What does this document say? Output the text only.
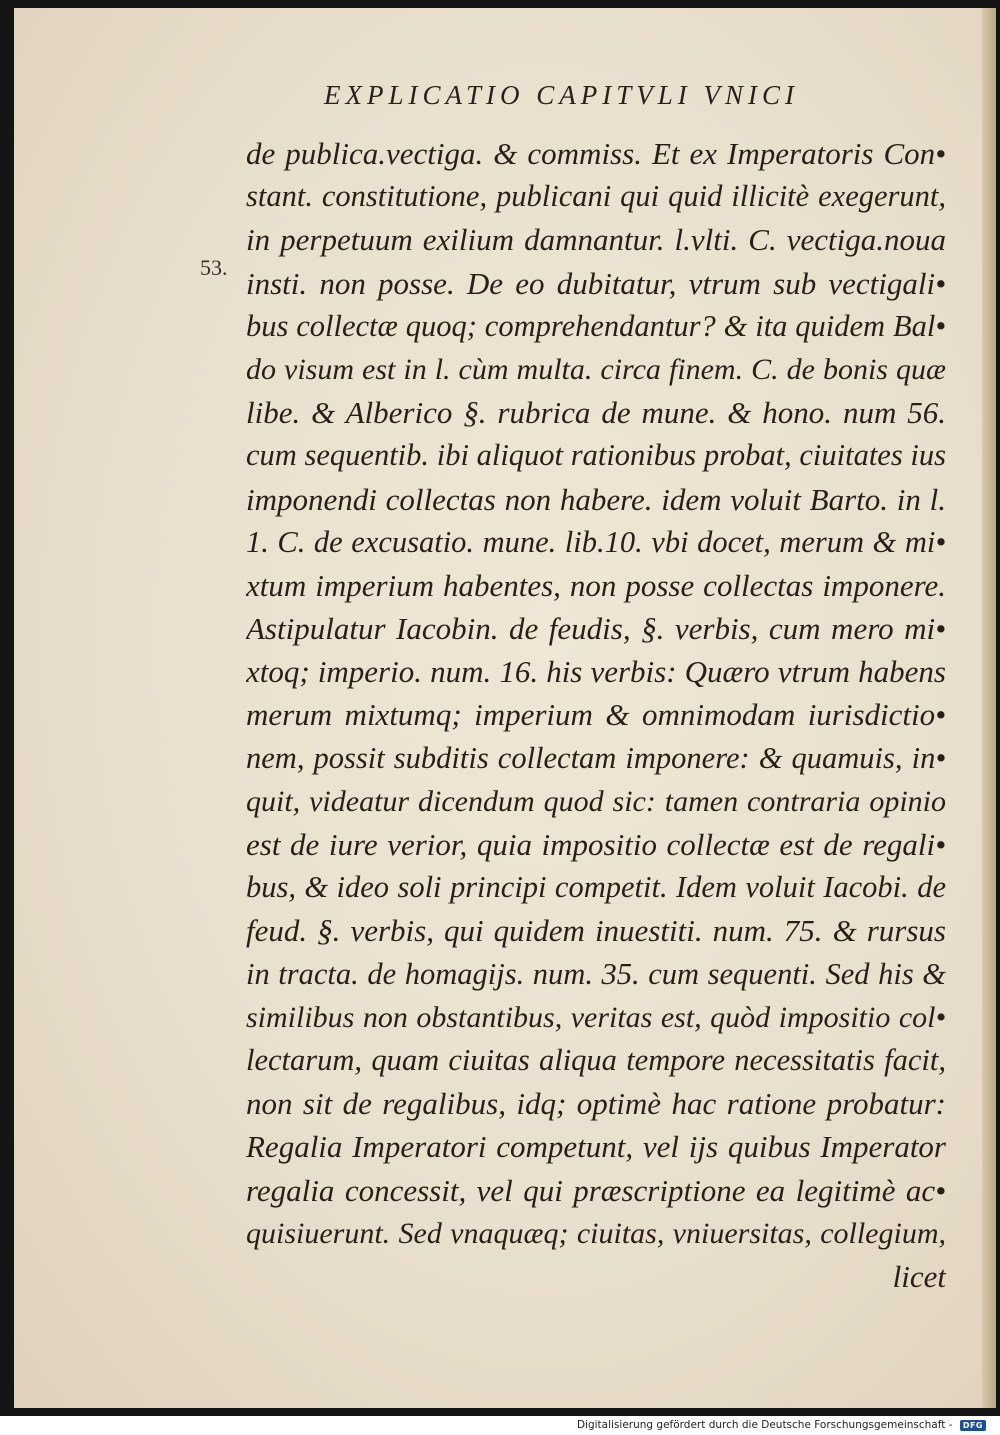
EXPLICATIO CAPITVLI VNICI
53.
de publica.vectiga. & commiss. Et ex Imperatoris Con•
stant. constitutione, publicani qui quid illicitè exegerunt,
in perpetuum exilium damnantur. l.vlti. C. vectiga.noua
insti. non posse. De eo dubitatur, vtrum sub vectigali•
bus collectæ quoq; comprehendantur? & ita quidem Bal•
do visum est in l. cùm multa. circa finem. C. de bonis quæ
libe. & Alberico §. rubrica de mune. & hono. num 56.
cum sequentib. ibi aliquot rationibus probat, ciuitates ius
imponendi collectas non habere. idem voluit Barto. in l.
1. C. de excusatio. mune. lib.10. vbi docet, merum & mi•
xtum imperium habentes, non posse collectas imponere.
Astipulatur Iacobin. de feudis, §. verbis, cum mero mi•
xtoq; imperio. num. 16. his verbis: Quæro vtrum habens
merum mixtumq; imperium & omnimodam iurisdictio•
nem, possit subditis collectam imponere: & quamuis, in•
quit, videatur dicendum quod sic: tamen contraria opinio
est de iure verior, quia impositio collectæ est de regali•
bus, & ideo soli principi competit. Idem voluit Iacobi. de
feud. §. verbis, qui quidem inuestiti. num. 75. & rursus
in tracta. de homagijs. num. 35. cum sequenti. Sed his &
similibus non obstantibus, veritas est, quòd impositio col•
lectarum, quam ciuitas aliqua tempore necessitatis facit,
non sit de regalibus, idq; optimè hac ratione probatur:
Regalia Imperatori competunt, vel ijs quibus Imperator
regalia concessit, vel qui præscriptione ea legitimè ac•
quisiuerunt. Sed vnaquæq; ciuitas, vniuersitas, collegium,
licet
Digitalisierung gefördert durch die Deutsche Forschungsgemeinschaft - DFG
